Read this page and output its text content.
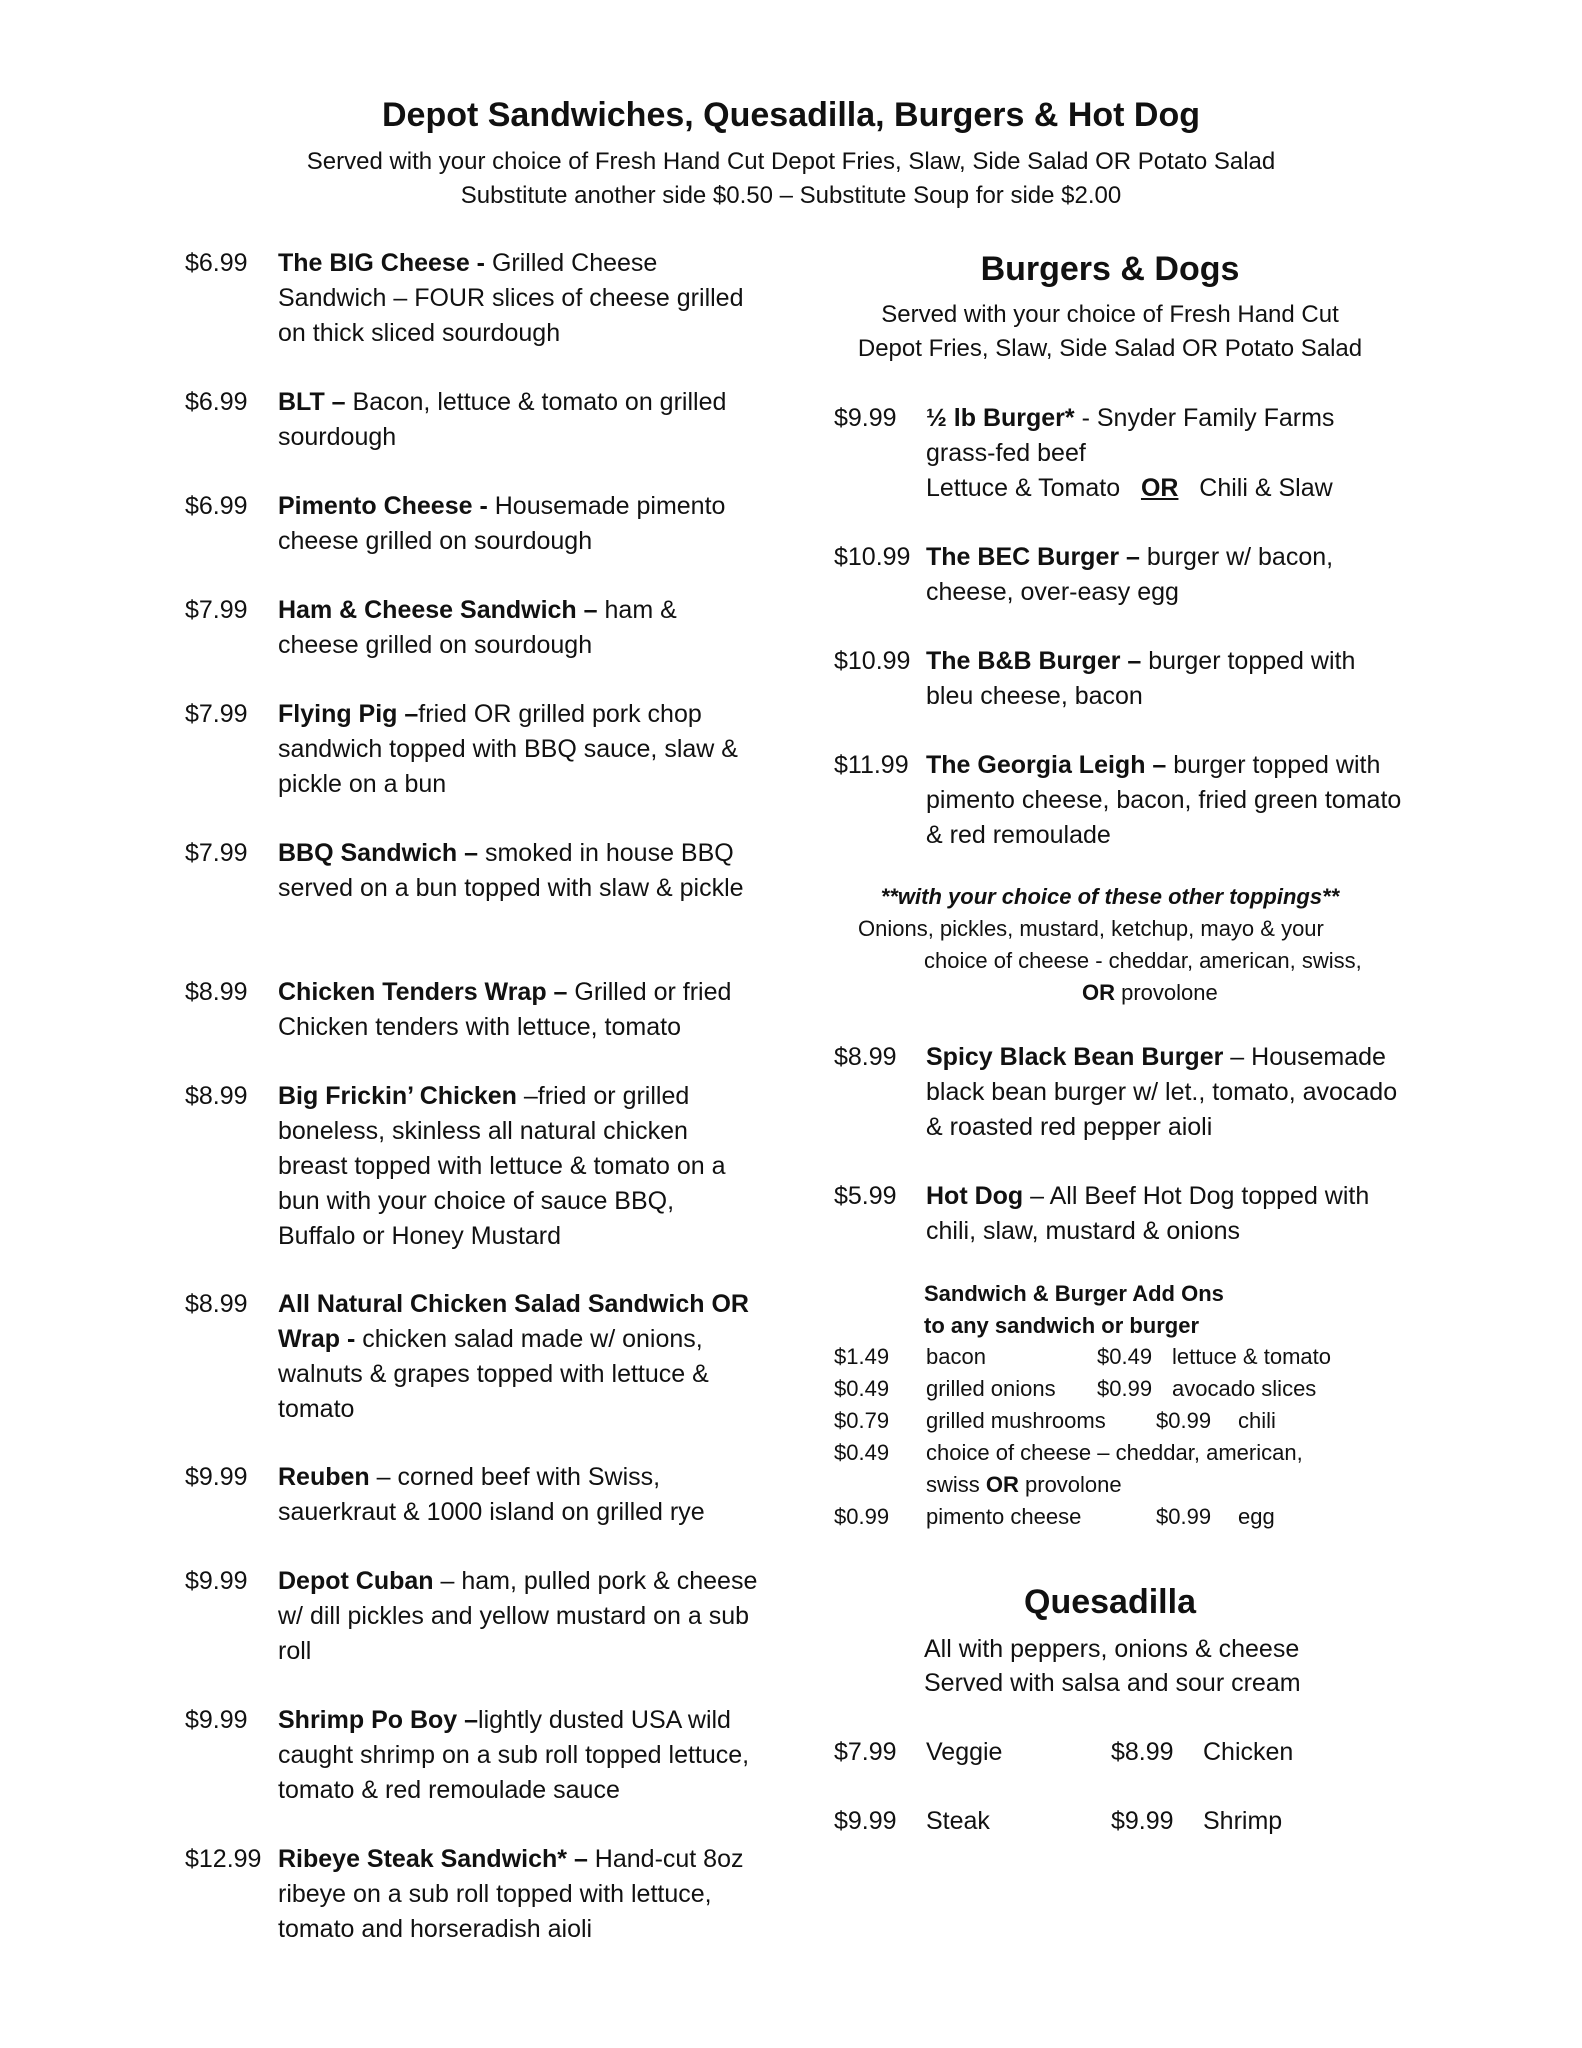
Depot Sandwiches, Quesadilla, Burgers & Hot Dog
Served with your choice of Fresh Hand Cut Depot Fries, Slaw, Side Salad OR Potato Salad
Substitute another side $0.50 – Substitute Soup for side $2.00
$6.99 The BIG Cheese - Grilled Cheese Sandwich – FOUR slices of cheese grilled on thick sliced sourdough
$6.99 BLT – Bacon, lettuce & tomato on grilled sourdough
$6.99 Pimento Cheese - Housemade pimento cheese grilled on sourdough
$7.99 Ham & Cheese Sandwich – ham & cheese grilled on sourdough
$7.99 Flying Pig –fried OR grilled pork chop sandwich topped with BBQ sauce, slaw & pickle on a bun
$7.99 BBQ Sandwich – smoked in house BBQ served on a bun topped with slaw & pickle
$8.99 Chicken Tenders Wrap – Grilled or fried Chicken tenders with lettuce, tomato
$8.99 Big Frickin’ Chicken –fried or grilled boneless, skinless all natural chicken breast topped with lettuce & tomato on a bun with your choice of sauce BBQ, Buffalo or Honey Mustard
$8.99 All Natural Chicken Salad Sandwich OR Wrap - chicken salad made w/ onions, walnuts & grapes topped with lettuce & tomato
$9.99 Reuben – corned beef with Swiss, sauerkraut & 1000 island on grilled rye
$9.99 Depot Cuban – ham, pulled pork & cheese w/ dill pickles and yellow mustard on a sub roll
$9.99 Shrimp Po Boy –lightly dusted USA wild caught shrimp on a sub roll topped lettuce, tomato & red remoulade sauce
$12.99 Ribeye Steak Sandwich* – Hand-cut 8oz ribeye on a sub roll topped with lettuce, tomato and horseradish aioli
Burgers & Dogs
Served with your choice of Fresh Hand Cut
Depot Fries, Slaw, Side Salad OR Potato Salad
$9.99 ½ lb Burger* - Snyder Family Farms grass-fed beef
Lettuce & Tomato OR Chili & Slaw
$10.99 The BEC Burger – burger w/ bacon, cheese, over-easy egg
$10.99 The B&B Burger – burger topped with bleu cheese, bacon
$11.99 The Georgia Leigh – burger topped with pimento cheese, bacon, fried green tomato & red remoulade
**with your choice of these other toppings**
Onions, pickles, mustard, ketchup, mayo & your
choice of cheese - cheddar, american, swiss,
OR provolone
$8.99 Spicy Black Bean Burger – Housemade black bean burger w/ let., tomato, avocado & roasted red pepper aioli
$5.99 Hot Dog – All Beef Hot Dog topped with chili, slaw, mustard & onions
Sandwich & Burger Add Ons
to any sandwich or burger
$1.49 bacon	$0.49 lettuce & tomato
$0.49 grilled onions $0.99 avocado slices
$0.79 grilled mushrooms $0.99 chili
$0.49 choice of cheese – cheddar, american,
swiss OR provolone
$0.99 pimento cheese	$0.99 egg
Quesadilla
All with peppers, onions & cheese
Served with salsa and sour cream
$7.99 Veggie	$8.99 Chicken
$9.99 Steak	$9.99 Shrimp
